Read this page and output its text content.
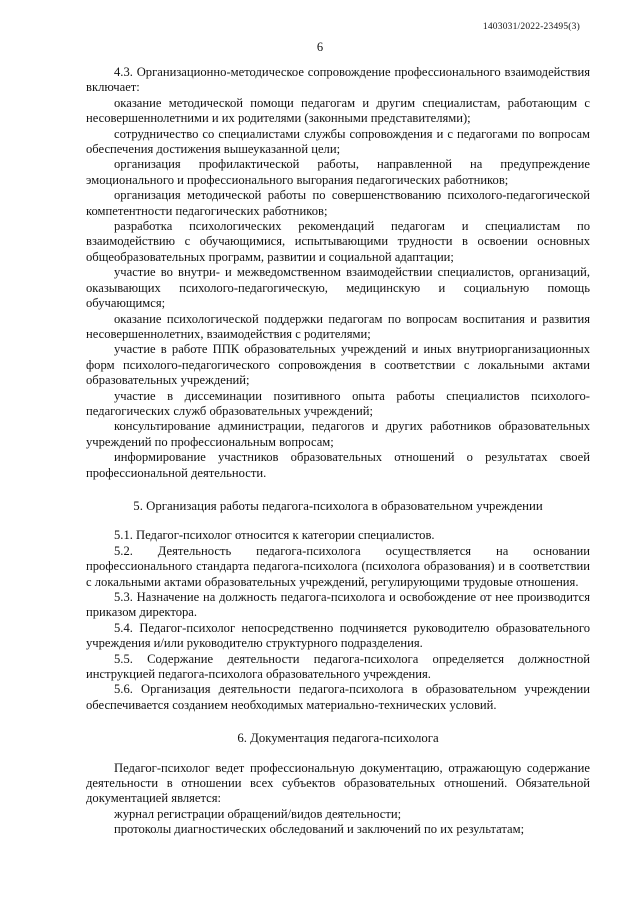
1403031/2022-23495(3)
6

4.3. Организационно-методическое сопровождение профессионального взаимодействия включает:

оказание методической помощи педагогам и другим специалистам, работающим с несовершеннолетними и их родителями (законными представителями);

сотрудничество со специалистами службы сопровождения и с педагогами по вопросам обеспечения достижения вышеуказанной цели;

организация профилактической работы, направленной на предупреждение эмоционального и профессионального выгорания педагогических работников;

организация методической работы по совершенствованию психолого-педагогической компетентности педагогических работников;

разработка психологических рекомендаций педагогам и специалистам по взаимодействию с обучающимися, испытывающими трудности в освоении основных общеобразовательных программ, развитии и социальной адаптации;

участие во внутри- и межведомственном взаимодействии специалистов, организаций, оказывающих психолого-педагогическую, медицинскую и социальную помощь обучающимся;

оказание психологической поддержки педагогам по вопросам воспитания и развития несовершеннолетних, взаимодействия с родителями;

участие в работе ППК образовательных учреждений и иных внутриорганизационных форм психолого-педагогического сопровождения в соответствии с локальными актами образовательных учреждений;

участие в диссеминации позитивного опыта работы специалистов психолого-педагогических служб образовательных учреждений;

консультирование администрации, педагогов и других работников образовательных учреждений по профессиональным вопросам;

информирование участников образовательных отношений о результатах своей профессиональной деятельности.

5. Организация работы педагога-психолога в образовательном учреждении

5.1. Педагог-психолог относится к категории специалистов.

5.2. Деятельность педагога-психолога осуществляется на основании профессионального стандарта педагога-психолога (психолога образования) и в соответствии с локальными актами образовательных учреждений, регулирующими трудовые отношения.

5.3. Назначение на должность педагога-психолога и освобождение от нее производится приказом директора.

5.4. Педагог-психолог непосредственно подчиняется руководителю образовательного учреждения и/или руководителю структурного подразделения.

5.5. Содержание деятельности педагога-психолога определяется должностной инструкцией педагога-психолога образовательного учреждения.

5.6. Организация деятельности педагога-психолога в образовательном учреждении обеспечивается созданием необходимых материально-технических условий.

6. Документация педагога-психолога

Педагог-психолог ведет профессиональную документацию, отражающую содержание деятельности в отношении всех субъектов образовательных отношений. Обязательной документацией является:

журнал регистрации обращений/видов деятельности;

протоколы диагностических обследований и заключений по их результатам;
